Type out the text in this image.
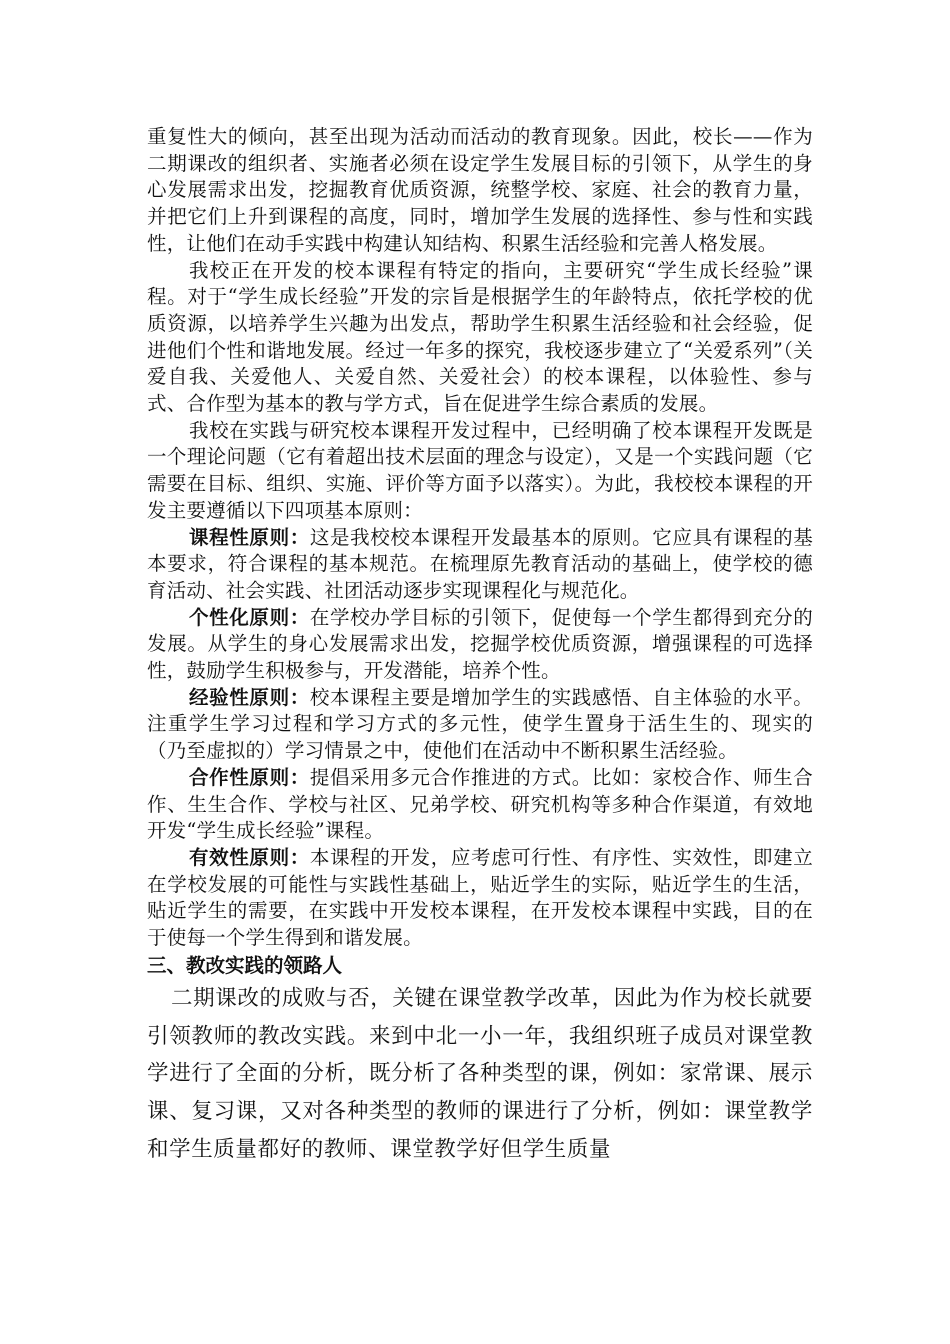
重复性大的倾向，甚至出现为活动而活动的教育现象。因此，校长——作为二期课改的组织者、实施者必须在设定学生发展目标的引领下，从学生的身心发展需求出发，挖掘教育优质资源，统整学校、家庭、社会的教育力量，并把它们上升到课程的高度，同时，增加学生发展的选择性、参与性和实践性，让他们在动手实践中构建认知结构、积累生活经验和完善人格发展。

我校正在开发的校本课程有特定的指向，主要研究“学生成长经验”课程。对于“学生成长经验”开发的宗旨是根据学生的年龄特点，依托学校的优质资源，以培养学生兴趣为出发点，帮助学生积累生活经验和社会经验，促进他们个性和谐地发展。经过一年多的探究，我校逐步建立了“关爱系列”（关爱自我、关爱他人、关爱自然、关爱社会）的校本课程，以体验性、参与式、合作型为基本的教与学方式，旨在促进学生综合素质的发展。

我校在实践与研究校本课程开发过程中，已经明确了校本课程开发既是一个理论问题（它有着超出技术层面的理念与设定），又是一个实践问题（它需要在目标、组织、实施、评价等方面予以落实）。为此，我校校本课程的开发主要遵循以下四项基本原则：

课程性原则：这是我校校本课程开发最基本的原则。它应具有课程的基本要求，符合课程的基本规范。在梳理原先教育活动的基础上，使学校的德育活动、社会实践、社团活动逐步实现课程化与规范化。

个性化原则：在学校办学目标的引领下，促使每一个学生都得到充分的发展。从学生的身心发展需求出发，挖掘学校优质资源，增强课程的可选择性，鼓励学生积极参与，开发潜能，培养个性。

经验性原则：校本课程主要是增加学生的实践感悟、自主体验的水平。注重学生学习过程和学习方式的多元性，使学生置身于活生生的、现实的（乃至虚拟的）学习情景之中，使他们在活动中不断积累生活经验。

合作性原则：提倡采用多元合作推进的方式。比如：家校合作、师生合作、生生合作、学校与社区、兄弟学校、研究机构等多种合作渠道，有效地开发“学生成长经验”课程。

有效性原则：本课程的开发，应考虑可行性、有序性、实效性，即建立在学校发展的可能性与实践性基础上，贴近学生的实际，贴近学生的生活，贴近学生的需要，在实践中开发校本课程，在开发校本课程中实践，目的在于使每一个学生得到和谐发展。

三、教改实践的领路人

二期课改的成败与否，关键在课堂教学改革，因此为作为校长就要引领教师的教改实践。来到中北一小一年，我组织班子成员对课堂教学进行了全面的分析，既分析了各种类型的课，例如：家常课、展示课、复习课，又对各种类型的教师的课进行了分析，例如：课堂教学和学生质量都好的教师、课堂教学好但学生质量
